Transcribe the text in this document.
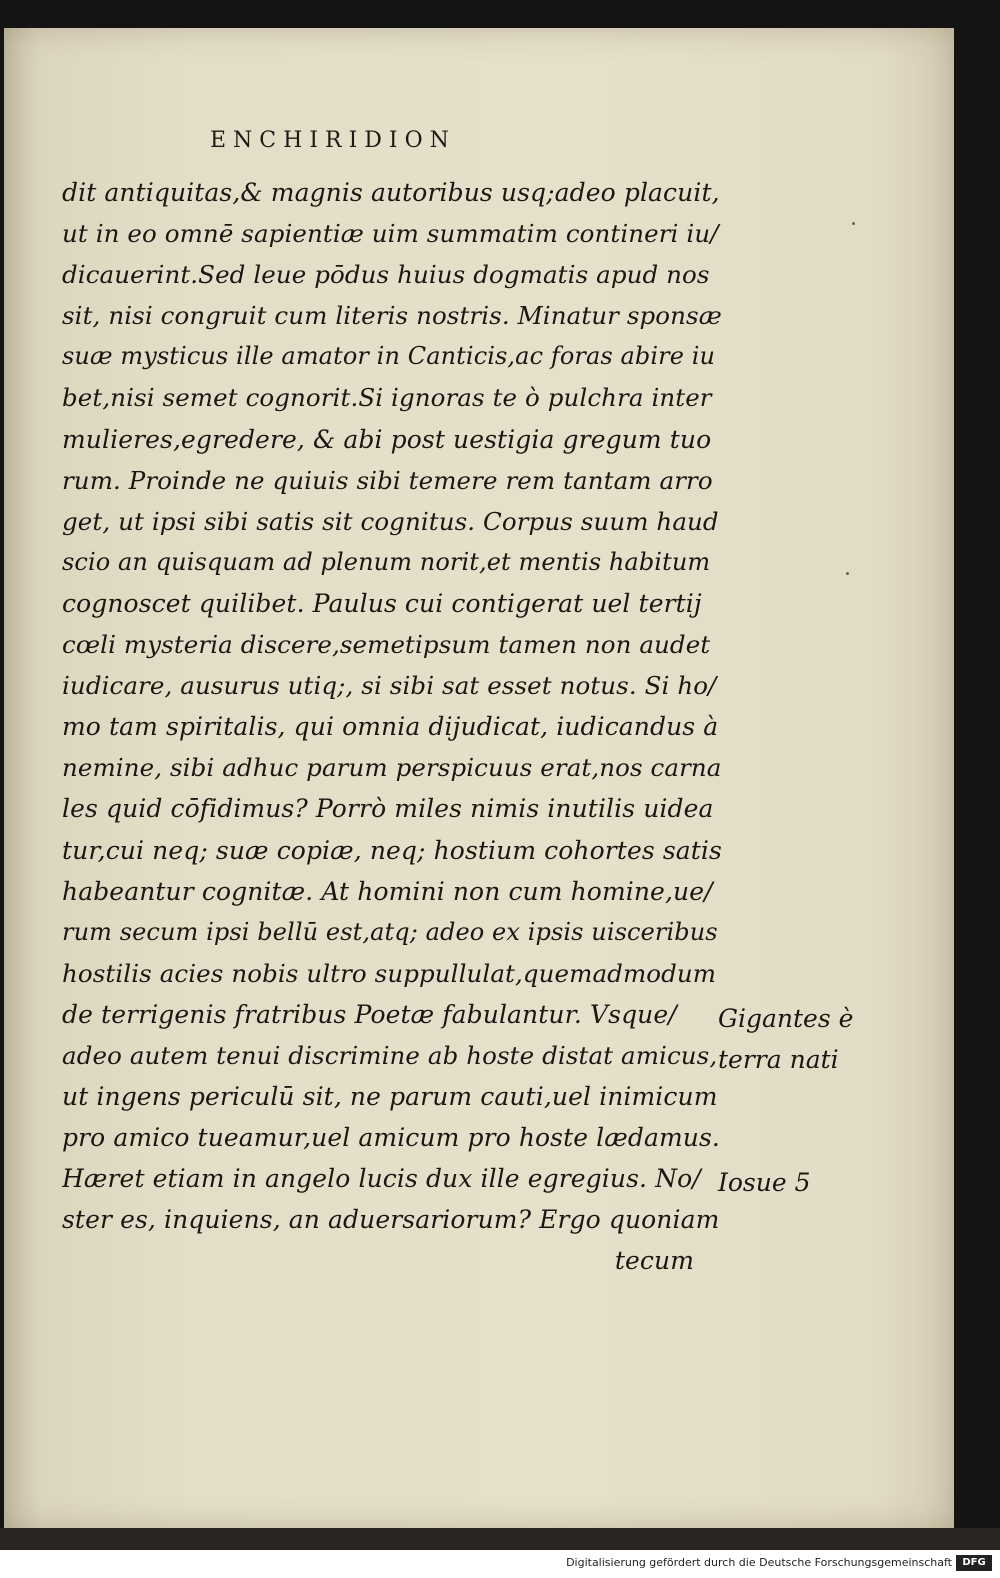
ENCHIRIDION
dit antiquitas,& magnis autoribus usq;adeo placuit,
ut in eo omnē sapientiæ uim summatim contineri iu/
dicauerint.Sed leue pōdus huius dogmatis apud nos
sit, nisi congruit cum literis nostris. Minatur sponsæ
suæ mysticus ille amator in Canticis,ac foras abire iu
bet,nisi semet cognorit.Si ignoras te ò pulchra inter
mulieres,egredere, & abi post uestigia gregum tuo
rum. Proinde ne quiuis sibi temere rem tantam arro
get, ut ipsi sibi satis sit cognitus. Corpus suum haud
scio an quisquam ad plenum norit,et mentis habitum
cognoscet quilibet. Paulus cui contigerat uel tertij
cœli mysteria discere,semetipsum tamen non audet
iudicare, ausurus utiq;, si sibi sat esset notus. Si ho/
mo tam spiritalis, qui omnia dijudicat, iudicandus à
nemine, sibi adhuc parum perspicuus erat,nos carna
les quid cōfidimus? Porrò miles nimis inutilis uidea
tur,cui neq; suæ copiæ, neq; hostium cohortes satis
habeantur cognitæ. At homini non cum homine,ue/
rum secum ipsi bellū est,atq; adeo ex ipsis uisceribus
hostilis acies nobis ultro suppullulat,quemadmodum
de terrigenis fratribus Poetæ fabulantur. Vsque/
adeo autem tenui discrimine ab hoste distat amicus,
ut ingens periculū sit, ne parum cauti,uel inimicum
pro amico tueamur,uel amicum pro hoste lædamus.
Hæret etiam in angelo lucis dux ille egregius. No/
ster es, inquiens, an aduersariorum? Ergo quoniam
tecum
Gigantes è
terra nati
Iosue 5
Digitalisierung gefördert durch die Deutsche Forschungsgemeinschaft	DFG
